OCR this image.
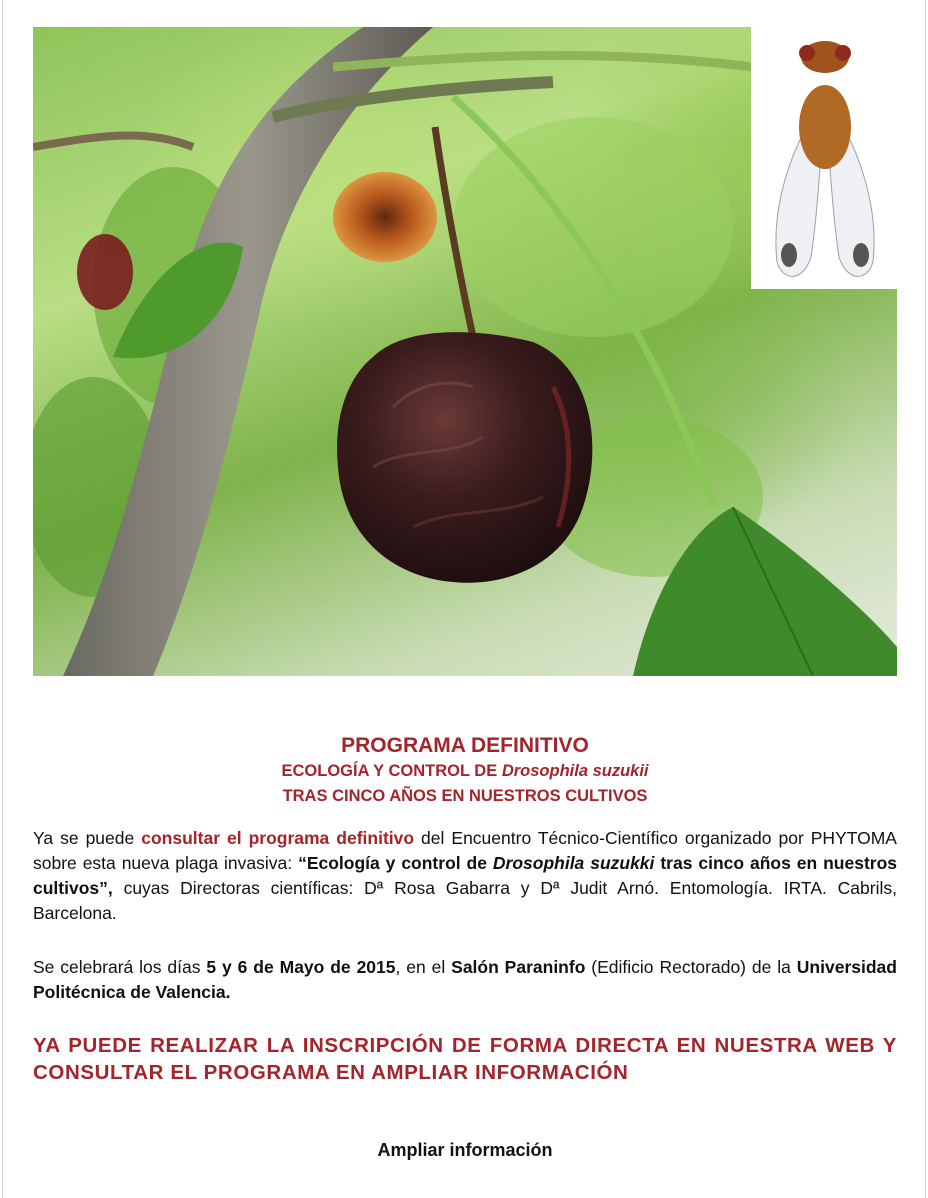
PROGRAMA DEFINITIVO
ECOLOGÍA Y CONTROL DE Drosophila suzukii
TRAS CINCO AÑOS EN NUESTROS CULTIVOS
Ya se puede consultar el programa definitivo del Encuentro Técnico-Científico organizado por PHYTOMA sobre esta nueva plaga invasiva: “Ecología y control de Drosophila suzukki tras cinco años en nuestros cultivos”, cuyas Directoras científicas: Dª Rosa Gabarra y Dª Judit Arnó. Entomología. IRTA. Cabrils, Barcelona.
Se celebrará los días 5 y 6 de Mayo de 2015, en el Salón Paraninfo (Edificio Rectorado) de la Universidad Politécnica de Valencia.
YA PUEDE REALIZAR LA INSCRIPCIÓN DE FORMA DIRECTA EN NUESTRA WEB Y CONSULTAR EL PROGRAMA EN AMPLIAR INFORMACIÓN
Ampliar información
